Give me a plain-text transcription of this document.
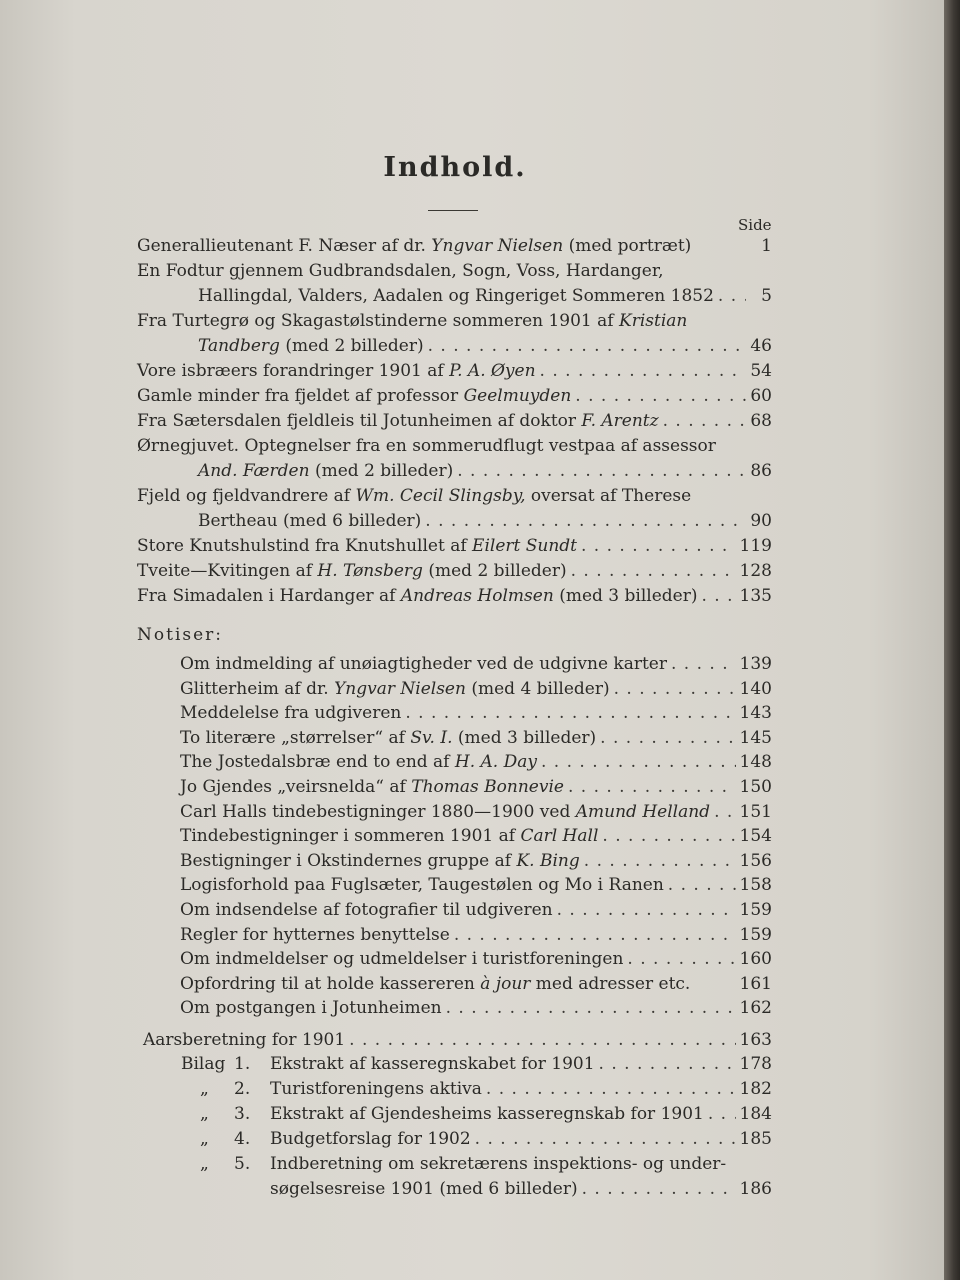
Indhold.
Side
Generallieutenant F. Næser af dr. Yngvar Nielsen (med portræt)	1
En Fodtur gjennem Gudbrandsdalen, Sogn, Voss, Hardanger,
Hallingdal, Valders, Aadalen og Ringeriget Sommeren 1852 . . .	5
Fra Turtegrø og Skagastølstinderne sommeren 1901 af Kristian
Tandberg (med 2 billeder) . . .	46
Vore isbræers forandringer 1901 af P. A. Øyen . . .	54
Gamle minder fra fjeldet af professor Geelmuyden . . .	60
Fra Sætersdalen fjeldleis til Jotunheimen af doktor F. Arentz . . .	68
Ørnegjuvet. Optegnelser fra en sommerudflugt vestpaa af assessor
And. Færden (med 2 billeder) . . .	86
Fjeld og fjeldvandrere af Wm. Cecil Slingsby, oversat af Therese
Bertheau (med 6 billeder) . . .	90
Store Knutshulstind fra Knutshullet af Eilert Sundt . . .	119
Tveite—Kvitingen af H. Tønsberg (med 2 billeder) . . .	128
Fra Simadalen i Hardanger af Andreas Holmsen (med 3 billeder) . . . 135
Om indmelding af unøiagtigheder ved de udgivne karter . . .	139
Glitterheim af dr. Yngvar Nielsen (med 4 billeder) . . .	140
Meddelelse fra udgiveren . . .	143
To literære „størrelser“ af Sv. I. (med 3 billeder) . . .	145
The Jostedalsbræ end to end af H. A. Day . . .	148
Jo Gjendes „veirsnelda“ af Thomas Bonnevie . . .	150
Carl Halls tindebestigninger 1880—1900 ved Amund Helland . . . 151
Tindebestigninger i sommeren 1901 af Carl Hall . . .	154
Bestigninger i Okstindernes gruppe af K. Bing . . .	156
Logisforhold paa Fuglsæter, Taugestølen og Mo i Ranen . . .	158
Om indsendelse af fotografier til udgiveren . . .	159
Regler for hytternes benyttelse . . .	159
Om indmeldelser og udmeldelser i turistforeningen . . .	160
Opfordring til at holde kassereren à jour med adresser etc.	161
Om postgangen i Jotunheimen . . .	162
Aarsberetning for 1901 . . .	163
Bilag 1. Ekstrakt af kasseregnskabet for 1901 . . .	178
„ 2. Turistforeningens aktiva . . .	182
„ 3. Ekstrakt af Gjendesheims kasseregnskab for 1901 . . . 184
„ 4. Budgetforslag for 1902 . . .	185
„ 5. Indberetning om sekretærens inspektions- og under-
søgelsesreise 1901 (med 6 billeder) . . .	186
Notiser:
